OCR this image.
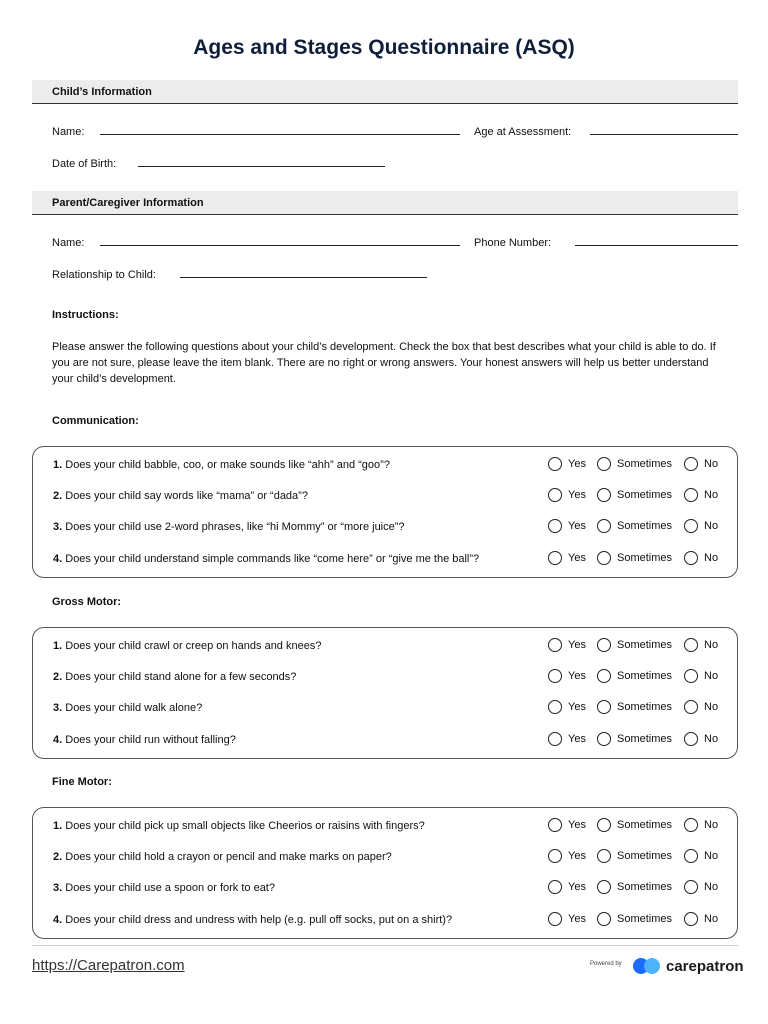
Ages and Stages Questionnaire (ASQ)
Child’s Information
Name:	Age at Assessment:
Date of Birth:
Parent/Caregiver Information
Name:	Phone Number:
Relationship to Child:
Instructions:
Please answer the following questions about your child’s development. Check the box that best describes what your child is able to do. If you are not sure, please leave the item blank. There are no right or wrong answers. Your honest answers will help us better understand your child’s development.
Communication:
1. Does your child babble, coo, or make sounds like “ahh” and “goo”?	Yes	Sometimes	No
2. Does your child say words like “mama” or “dada”?	Yes	Sometimes	No
3. Does your child use 2-word phrases, like “hi Mommy” or “more juice”?	Yes	Sometimes	No
4. Does your child understand simple commands like “come here” or “give me the ball”?	Yes	Sometimes	No
Gross Motor:
1. Does your child crawl or creep on hands and knees?	Yes	Sometimes	No
2. Does your child stand alone for a few seconds?	Yes	Sometimes	No
3. Does your child walk alone?	Yes	Sometimes	No
4. Does your child run without falling?	Yes	Sometimes	No
Fine Motor:
1. Does your child pick up small objects like Cheerios or raisins with fingers?	Yes	Sometimes	No
2. Does your child hold a crayon or pencil and make marks on paper?	Yes	Sometimes	No
3. Does your child use a spoon or fork to eat?	Yes	Sometimes	No
4. Does your child dress and undress with help (e.g. pull off socks, put on a shirt)?	Yes	Sometimes	No
https://Carepatron.com	Powered by	carepatron
